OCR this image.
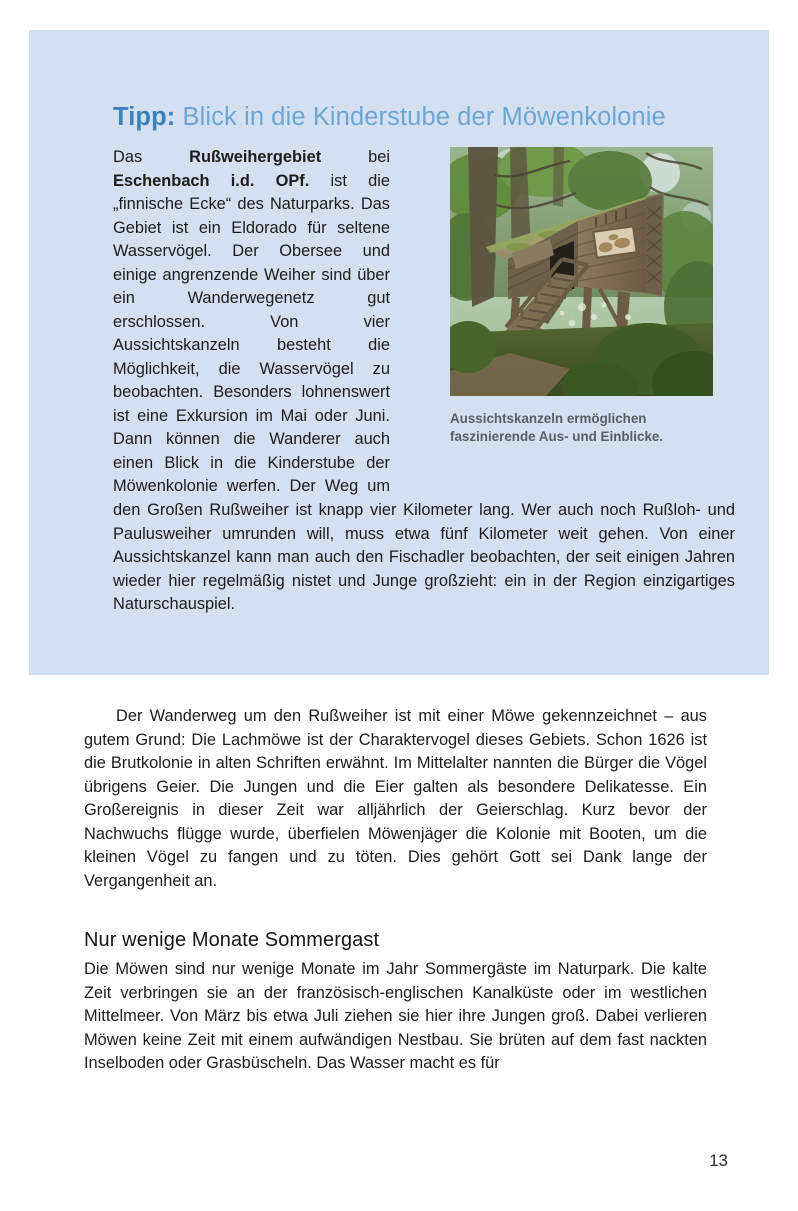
Tipp: Blick in die Kinderstube der Möwenkolonie
Aussichtskanzeln ermöglichen faszinierende Aus- und Einblicke.
Das Rußweihergebiet bei Eschenbach i.d. OPf. ist die „finnische Ecke“ des Naturparks. Das Gebiet ist ein Eldorado für seltene Wasservögel. Der Obersee und einige angrenzende Weiher sind über ein Wanderwegenetz gut erschlossen. Von vier Aussichtskanzeln besteht die Möglichkeit, die Wasservögel zu beobachten. Besonders lohnenswert ist eine Exkursion im Mai oder Juni. Dann können die Wanderer auch einen Blick in die Kinderstube der Möwenkolonie werfen. Der Weg um den Großen Rußweiher ist knapp vier Kilometer lang. Wer auch noch Rußloh- und Paulusweiher umrunden will, muss etwa fünf Kilometer weit gehen. Von einer Aussichtskanzel kann man auch den Fischadler beobachten, der seit einigen Jahren wieder hier regelmäßig nistet und Junge großzieht: ein in der Region einzigartiges Naturschauspiel.

Der Wanderweg um den Rußweiher ist mit einer Möwe gekennzeichnet – aus gutem Grund: Die Lachmöwe ist der Charaktervogel dieses Gebiets. Schon 1626 ist die Brutkolonie in alten Schriften erwähnt. Im Mittelalter nannten die Bürger die Vögel übrigens Geier. Die Jungen und die Eier galten als besondere Delikatesse. Ein Großereignis in dieser Zeit war alljährlich der Geierschlag. Kurz bevor der Nachwuchs flügge wurde, überfielen Möwenjäger die Kolonie mit Booten, um die kleinen Vögel zu fangen und zu töten. Dies gehört Gott sei Dank lange der Vergangenheit an.

Nur wenige Monate Sommergast

Die Möwen sind nur wenige Monate im Jahr Sommergäste im Naturpark. Die kalte Zeit verbringen sie an der französisch-englischen Kanalküste oder im westlichen Mittelmeer. Von März bis etwa Juli ziehen sie hier ihre Jungen groß. Dabei verlieren Möwen keine Zeit mit einem aufwändigen Nestbau. Sie brüten auf dem fast nackten Inselboden oder Grasbüscheln. Das Wasser macht es für

13
